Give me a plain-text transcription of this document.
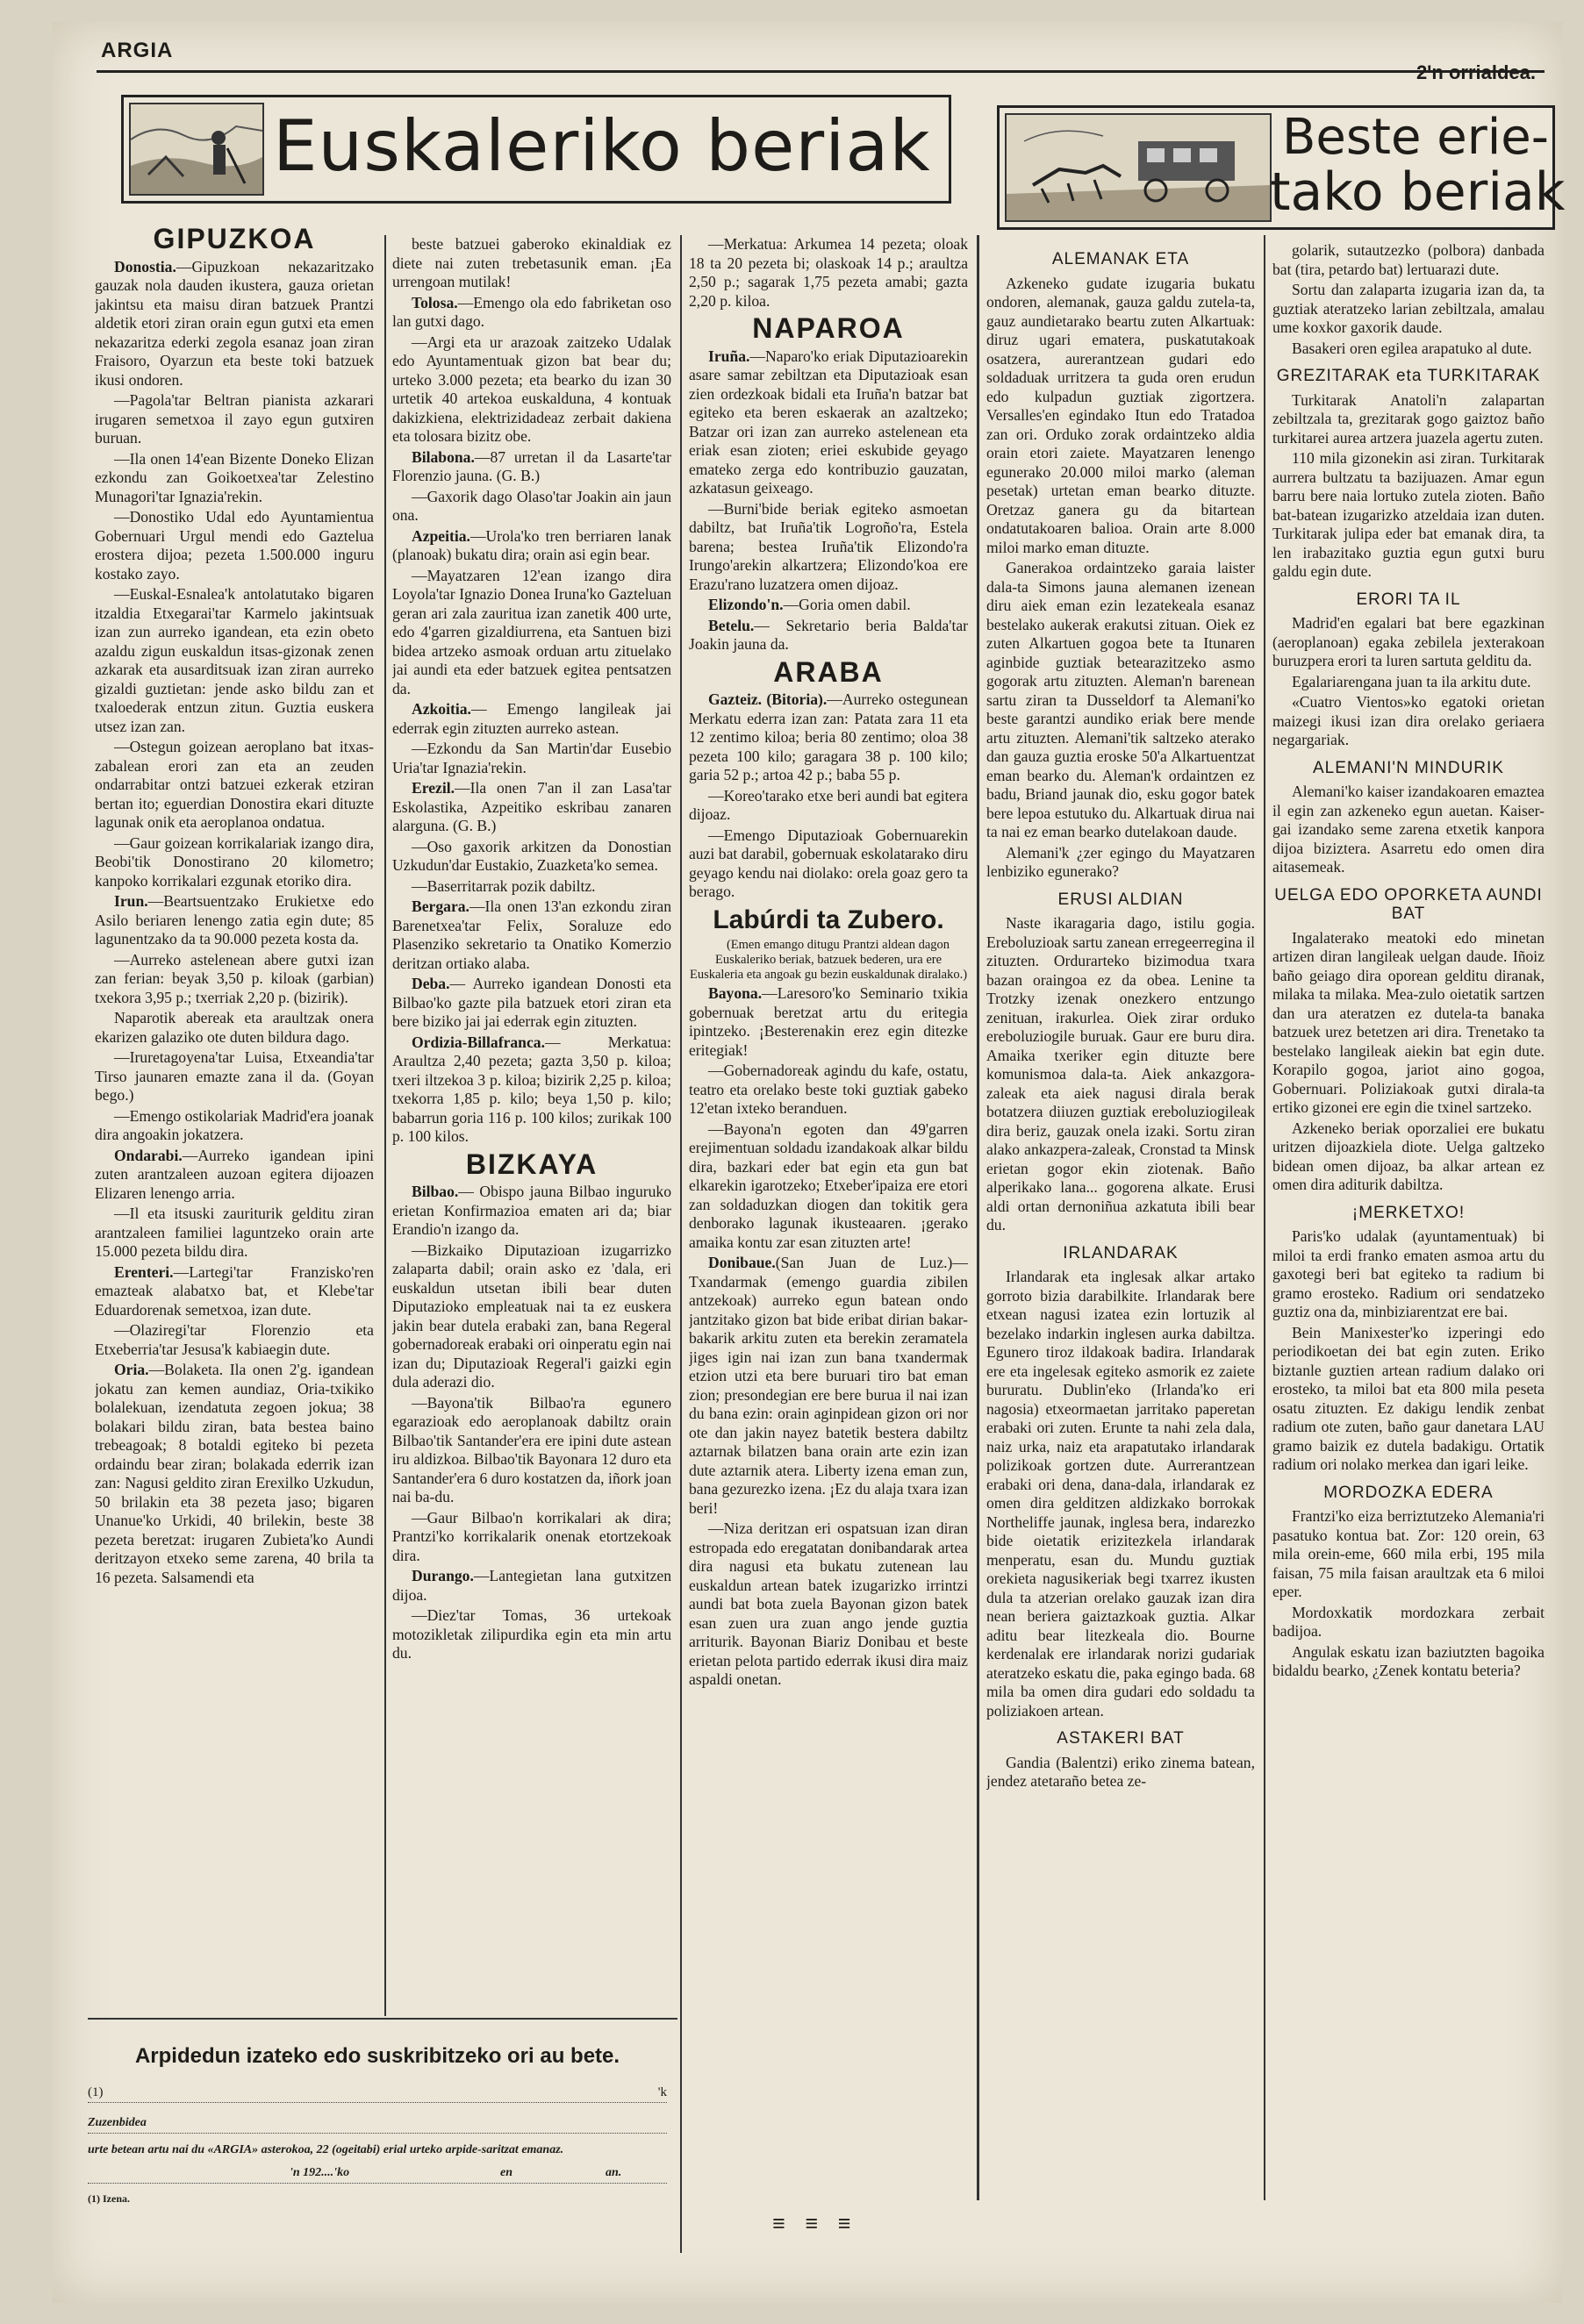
ARGIA
2'n orrialdea.
Euskaleriko beriak	Beste erie-
tako beriak
GIPUZKOA

Donostia.—Gipuzkoan nekazaritzako gauzak nola dauden ikustera, gauza orietan jakintsu eta maisu diran batzuek Prantzi aldetik etori ziran orain egun gutxi eta emen nekazaritza ederki zegola esanaz joan ziran Fraisoro, Oyarzun eta beste toki batzuek ikusi ondoren.

—Pagola'tar Beltran pianista azkarari irugaren semetxoa il zayo egun gutxiren buruan.

—Ila onen 14'ean Bizente Doneko Elizan ezkondu zan Goikoetxea'tar Zelestino Munagori'tar Ignazia'rekin.

—Donostiko Udal edo Ayuntamientua Gobernuari Urgul mendi edo Gaztelua erostera dijoa; pezeta 1.500.000 inguru kostako zayo.

—Euskal-Esnalea'k antolatutako bigaren itzaldia Etxegarai'tar Karmelo jakintsuak izan zun aurreko igandean, eta ezin obeto azaldu zigun euskaldun itsas-gizonak zenen azkarak eta ausarditsuak izan ziran aurreko gizaldi guztietan: jende asko bildu zan et txaloederak entzun zitun. Guztia euskera utsez izan zan.

—Ostegun goizean aeroplano bat itxas-zabalean erori zan eta an zeuden ondarrabitar ontzi batzuei ezkerak etziran bertan ito; eguerdian Donostira ekari dituzte lagunak onik eta aeroplanoa ondatua.

—Gaur goizean korrikalariak izango dira, Beobi'tik Donostirano 20 kilometro; kanpoko korrikalari ezgunak etoriko dira.

Irun.—Beartsuentzako Erukietxe edo Asilo beriaren lenengo zatia egin dute; 85 lagunentzako da ta 90.000 pezeta kosta da.

—Aurreko astelenean abere gutxi izan zan ferian: beyak 3,50 p. kiloak (garbian) txekora 3,95 p.; txerriak 2,20 p. (bizirik).

Naparotik abereak eta araultzak onera ekarizen galaziko ote duten bildura dago.

—Iruretagoyena'tar Luisa, Etxeandia'tar Tirso jaunaren emazte zana il da. (Goyan bego.)

—Emengo ostikolariak Madrid'era joanak dira angoakin jokatzera.

Ondarabi.—Aurreko igandean ipini zuten arantzaleen auzoan egitera dijoazen Elizaren lenengo arria.

—Il eta itsuski zauriturik gelditu ziran arantzaleen familiei laguntzeko orain arte 15.000 pezeta bildu dira.

Erenteri.—Lartegi'tar Franzisko'ren emazteak alabatxo bat, et Klebe'tar Eduardorenak semetxoa, izan dute.

—Olaziregi'tar Florenzio eta Etxeberria'tar Jesusa'k kabiaegin dute.

Oria.—Bolaketa. Ila onen 2'g. igandean jokatu zan kemen aundiaz, Oria-txikiko bolalekuan, izendatuta zegoen jokua; 38 bolakari bildu ziran, bata bestea baino trebeagoak; 8 botaldi egiteko bi pezeta ordaindu bear ziran; bolakada ederrik izan zan: Nagusi geldito ziran Erexilko Uzkudun, 50 brilakin eta 38 pezeta jaso; bigaren Unanue'ko Urkidi, 40 brilekin, beste 38 pezeta beretzat: irugaren Zubieta'ko Aundi deritzayon etxeko seme zarena, 40 brila ta 16 pezeta. Salsamendi eta

beste batzuei gaberoko ekinaldiak ez diete nai zuten trebetasunik eman. ¡Ea urrengoan mutilak!

Tolosa.—Emengo ola edo fabriketan oso lan gutxi dago.

—Argi eta ur arazoak zaitzeko Udalak edo Ayuntamentuak gizon bat bear du; urteko 3.000 pezeta; eta bearko du izan 30 urtetik 40 artekoa euskalduna, 4 kontuak dakizkiena, elektrizidadeaz zerbait dakiena eta tolosara bizitz obe.

Bilabona.—87 urretan il da Lasarte'tar Florenzio jauna. (G. B.)

—Gaxorik dago Olaso'tar Joakin ain jaun ona.

Azpeitia.—Urola'ko tren berriaren lanak (planoak) bukatu dira; orain asi egin bear.

—Mayatzaren 12'ean izango dira Loyola'tar Ignazio Donea Iruna'ko Gazteluan geran ari zala zauritua izan zanetik 400 urte, edo 4'garren gizaldiurrena, eta Santuen bizi bidea artzeko asmoak orduan artu zituelako jai aundi eta eder batzuek egitea pentsatzen da.

Azkoitia.— Emengo langileak jai ederrak egin zituzten aurreko astean.

—Ezkondu da San Martin'dar Eusebio Uria'tar Ignazia'rekin.

Erezil.—Ila onen 7'an il zan Lasa'tar Eskolastika, Azpeitiko eskribau zanaren alarguna. (G. B.)

—Oso gaxorik arkitzen da Donostian Uzkudun'dar Eustakio, Zuazketa'ko semea.

—Baserritarrak pozik dabiltz.

Bergara.—Ila onen 13'an ezkondu ziran Barenetxea'tar Felix, Soraluze edo Plasenziko sekretario ta Onatiko Komerzio deritzan ortiako alaba.

Deba.— Aurreko igandean Donosti eta Bilbao'ko gazte pila batzuek etori ziran eta bere biziko jai jai ederrak egin zituzten.

Ordizia-Billafranca.— Merkatua: Araultza 2,40 pezeta; gazta 3,50 p. kiloa; txeri iltzekoa 3 p. kiloa; bizirik 2,25 p. kiloa; txekorra 1,85 p. kilo; beya 1,50 p. kilo; babarrun goria 116 p. 100 kilos; zurikak 100 p. 100 kilos.

BIZKAYA

Bilbao.— Obispo jauna Bilbao inguruko erietan Konfirmazioa ematen ari da; biar Erandio'n izango da.

—Bizkaiko Diputazioan izugarrizko zalaparta dabil; orain asko ez 'dala, eri euskaldun utsetan ibili bear duten Diputazioko empleatuak nai ta ez euskera jakin bear dutela erabaki zan, bana Regeral gobernadoreak erabaki ori oinperatu egin nai izan du; Diputazioak Regeral'i gaizki egin dula aderazi dio.

—Bayona'tik Bilbao'ra egunero egarazioak edo aeroplanoak dabiltz orain Bilbao'tik Santander'era ere ipini dute astean iru aldizkoa. Bilbao'tik Bayonara 12 duro eta Santander'era 6 duro kostatzen da, iñork joan nai ba-du.

—Gaur Bilbao'n korrikalari ak dira; Prantzi'ko korrikalarik onenak etortzekoak dira.

Durango.—Lantegietan lana gutxitzen dijoa.

—Diez'tar Tomas, 36 urtekoak motozikletak zilipurdika egin eta min artu du.

—Merkatua: Arkumea 14 pezeta; oloak 18 ta 20 pezeta bi; olaskoak 14 p.; araultza 2,50 p.; sagarak 1,75 pezeta amabi; gazta 2,20 p. kiloa.

NAPAROA

Iruña.—Naparo'ko eriak Diputazioarekin asare samar zebiltzan eta Diputazioak esan zien ordezkoak bidali eta Iruña'n batzar bat egiteko eta beren eskaerak an azaltzeko; Batzar ori izan zan aurreko astelenean eta eriak esan zioten; eriei eskubide geyago emateko zerga edo kontribuzio gauzatan, azkatasun geixeago.

—Burni'bide beriak egiteko asmoetan dabiltz, bat Iruña'tik Logroño'ra, Estela barena; bestea Iruña'tik Elizondo'ra Irungo'arekin alkartzera; Elizondo'koa ere Erazu'rano luzatzera omen dijoaz.

Elizondo'n.—Goria omen dabil.

Betelu.— Sekretario beria Balda'tar Joakin jauna da.

ARABA

Gazteiz. (Bitoria).—Aurreko ostegunean Merkatu ederra izan zan: Patata zara 11 eta 12 zentimo kiloa; beria 80 zentimo; oloa 38 pezeta 100 kilo; garagara 38 p. 100 kilo; garia 52 p.; artoa 42 p.; baba 55 p.

—Koreo'tarako etxe beri aundi bat egitera dijoaz.

—Emengo Diputazioak Gobernuarekin auzi bat darabil, gobernuak eskolatarako diru geyago kendu nai diolako: orela goaz gero ta berago.

Labúrdi ta Zubero.

(Emen emango ditugu Prantzi aldean dagon Euskaleriko beriak, batzuek bederen, ura ere Euskaleria eta angoak gu bezin euskaldunak diralako.)

Bayona.—Laresoro'ko Seminario txikia gobernuak beretzat artu du eritegia ipintzeko. ¡Besterenakin erez egin ditezke eritegiak!

—Gobernadoreak agindu du kafe, ostatu, teatro eta orelako beste toki guztiak gabeko 12'etan ixteko beranduen.

—Bayona'n egoten dan 49'garren erejimentuan soldadu izandakoak alkar bildu dira, bazkari eder bat egin eta gun bat elkarekin igarotzeko; Etxeber'ipaiza ere etori zan soldaduzkan diogen dan tokitik gera denborako lagunak ikusteaaren. ¡gerako amaika kontu zar esan zituzten arte!

Donibaue.(San Juan de Luz.)— Txandarmak (emengo guardia zibilen antzekoak) aurreko egun batean ondo jantzitako gizon bat bide eribat dirian bakar-bakarik arkitu zuten eta berekin zeramatela jiges igin nai izan zun bana txandermak etzion utzi eta bere buruari tiro bat eman zion; presondegian ere bere burua il nai izan du bana ezin: orain aginpidean gizon ori nor ote dan jakin nayez batetik bestera dabiltz aztarnak bilatzen bana orain arte ezin izan dute aztarnik atera. Liberty izena eman zun, bana gezurezko izena. ¡Ez du alaja txara izan beri!

—Niza deritzan eri ospatsuan izan diran estropada edo eregatatan donibandarak artea dira nagusi eta bukatu zutenean lau euskaldun artean batek izugarizko irrintzi aundi bat bota zuela Bayonan gizon batek esan zuen ura zuan ango jende guztia arriturik. Bayonan Biariz Donibau et beste erietan pelota partido ederrak ikusi dira maiz aspaldi onetan.

ALEMANAK ETA

Azkeneko gudate izugaria bukatu ondoren, alemanak, gauza galdu zutela-ta, gauz aundietarako beartu zuten Alkartuak: diruz ugari ematera, puskatutakoak osatzera, aurerantzean gudari edo soldaduak urritzera ta guda oren erudun edo kulpadun guztiak zigortzera. Versalles'en egindako Itun edo Tratadoa zan ori. Orduko zorak ordaintzeko aldia orain etori zaiete. Mayatzaren lenengo egunerako 20.000 miloi marko (aleman pesetak) urtetan eman bearko dituzte. Oretzaz ganera gu da bitartean ondatutakoaren balioa. Orain arte 8.000 miloi marko eman dituzte.

Ganerakoa ordaintzeko garaia laister dala-ta Simons jauna alemanen izenean diru aiek eman ezin lezatekeala esanaz bestelako aukerak erakutsi zituan. Oiek ez zuten Alkartuen gogoa bete ta Itunaren aginbide guztiak betearazitzeko asmo gogorak artu zituzten. Aleman'n barenean sartu ziran ta Dusseldorf ta Alemani'ko beste garantzi aundiko eriak bere mende artu zituzten. Alemani'tik saltzeko aterako dan gauza guztia eroske 50'a Alkartuentzat eman bearko du. Aleman'k ordaintzen ez badu, Briand jaunak dio, esku gogor batek bere lepoa estutuko du. Alkartuak dirua nai ta nai ez eman bearko dutelakoan daude.

Alemani'k ¿zer egingo du Mayatzaren lenbiziko egunerako?

ERUSI ALDIAN

Naste ikaragaria dago, istilu gogia. Ereboluzioak sartu zanean erregeerregina il zituzten. Ordurarteko bizimodua txara bazan oraingoa ez da obea. Lenine ta Trotzky izenak onezkero entzungo zenituan, irakurlea. Oiek zirar orduko ereboluziogile buruak. Gaur ere buru dira. Amaika txeriker egin dituzte bere komunismoa dala-ta. Aiek ankazgora-zaleak eta aiek nagusi dirala berak botatzera diiuzen guztiak ereboluziogileak dira beriz, gauzak onela izaki. Sortu ziran alako ankazpera-zaleak, Cronstad ta Minsk erietan gogor ekin ziotenak. Baño alperikako lana... gogorena alkate. Erusi aldi ortan dernoniñua azkatuta ibili bear du.

IRLANDARAK

Irlandarak eta inglesak alkar artako gorroto bizia darabilkite. Irlandarak bere etxean nagusi izatea ezin lortuzik al bezelako indarkin inglesen aurka dabiltza. Egunero tiroz ildakoak badira. Irlandarak ere eta ingelesak egiteko asmorik ez zaiete bururatu. Dublin'eko (Irlanda'ko eri nagosia) etxeormaetan jarritako paperetan erabaki ori zuten. Erunte ta nahi zela dala, naiz urka, naiz eta arapatutako irlandarak polizikoak gortzen dute. Aurrerantzean erabaki ori dena, dana-dala, irlandarak ez omen dira gelditzen aldizkako borrokak Northeliffe jaunak, inglesa bera, indarezko bide oietatik erizitezkela irlandarak menperatu, esan du. Mundu guztiak orekieta nagusikeriak begi txarrez ikusten dula ta atzerian orelako gauzak izan dira nean beriera gaiztazkoak guztia. Alkar aditu bear litezkeala dio. Bourne kerdenalak ere irlandarak norizi gudariak ateratzeko eskatu die, paka egingo bada. 68 mila ba omen dira gudari edo soldadu ta poliziakoen artean.

ASTAKERI BAT

Gandia (Balentzi) eriko zinema batean, jendez atetaraño betea ze-

golarik, sutautzezko (polbora) danbada bat (tira, petardo bat) lertuarazi dute.

Sortu dan zalaparta izugaria izan da, ta guztiak ateratzeko larian zebiltzala, amalau ume koxkor gaxorik daude.

Basakeri oren egilea arapatuko al dute.

GREZITARAK eta TURKITARAK

Turkitarak Anatoli'n zalapartan zebiltzala ta, grezitarak gogo gaiztoz baño turkitarei aurea artzera juazela agertu zuten.

110 mila gizonekin asi ziran. Turkitarak aurrera bultzatu ta bazijuazen. Amar egun barru bere naia lortuko zutela zioten. Baño bat-batean izugarizko atzeldaia izan duten. Turkitarak julipa eder bat emanak dira, ta len irabazitako guztia egun gutxi buru galdu egin dute.

ERORI TA IL

Madrid'en egalari bat bere egazkinan (aeroplanoan) egaka zebilela jexterakoan buruzpera erori ta luren sartuta gelditu da.

Egalariarengana juan ta ila arkitu dute.

«Cuatro Vientos»ko egatoki orietan maizegi ikusi izan dira orelako geriaera negargariak.

ALEMANI'N MINDURIK

Alemani'ko kaiser izandakoaren emaztea il egin zan azkeneko egun auetan. Kaiser-gai izandako seme zarena etxetik kanpora dijoa biziztera. Asarretu edo omen dira aitasemeak.

UELGA EDO OPORKETA AUNDI BAT

Ingalaterako meatoki edo minetan artizen diran langileak uelgan daude. Iñoiz baño geiago dira oporean gelditu diranak, milaka ta milaka. Mea-zulo oietatik sartzen dan ura ateratzen ez dutela-ta banaka batzuek urez betetzen ari dira. Trenetako ta bestelako langileak aiekin bat egin dute. Korapilo gogoa, jariot aino gogoa, Gobernuari. Poliziakoak gutxi dirala-ta ertiko gizonei ere egin die txinel sartzeko.

Azkeneko beriak oporzaliei ere bukatu uritzen dijoazkiela diote. Uelga galtzeko bidean omen dijoaz, ba alkar artean ez omen dira aditurik dabiltza.

¡MERKETXO!

Paris'ko udalak (ayuntamentuak) bi miloi ta erdi franko ematen asmoa artu du gaxotegi beri bat egiteko ta radium bi gramo erosteko. Radium ori sendatzeko guztiz ona da, minbiziarentzat ere bai.

Bein Manixester'ko izperingi edo periodikoetan dei bat egin zuten. Eriko biztanle guztien artean radium dalako ori erosteko, ta miloi bat eta 800 mila peseta osatu zituzten. Ez dakigu lendik zenbat radium ote zuten, baño gaur danetara LAU gramo baizik ez dutela badakigu. Ortatik radium ori nolako merkea dan igari leike.

MORDOZKA EDERA

Frantzi'ko eiza berriztutzeko Alemania'ri pasatuko kontua bat. Zor: 120 orein, 63 mila orein-eme, 660 mila erbi, 195 mila faisan, 75 mila faisan araultzak eta 6 miloi eper.

Mordoxkatik mordozkara zerbait badijoa.

Angulak eskatu izan baziutzten bagoika bidaldu bearko, ¿Zenek kontatu beteria?

Arpidedun izateko edo suskribitzeko ori au bete.
(1)	'k
Zuzenbidea
urte betean artu nai du «ARGIA» asterokoa, 22 (ogeitabi) erial urteko arpide-saritzat emanaz.
'n 192....'ko	en	an.
(1) Izena.
≡ ≡ ≡
